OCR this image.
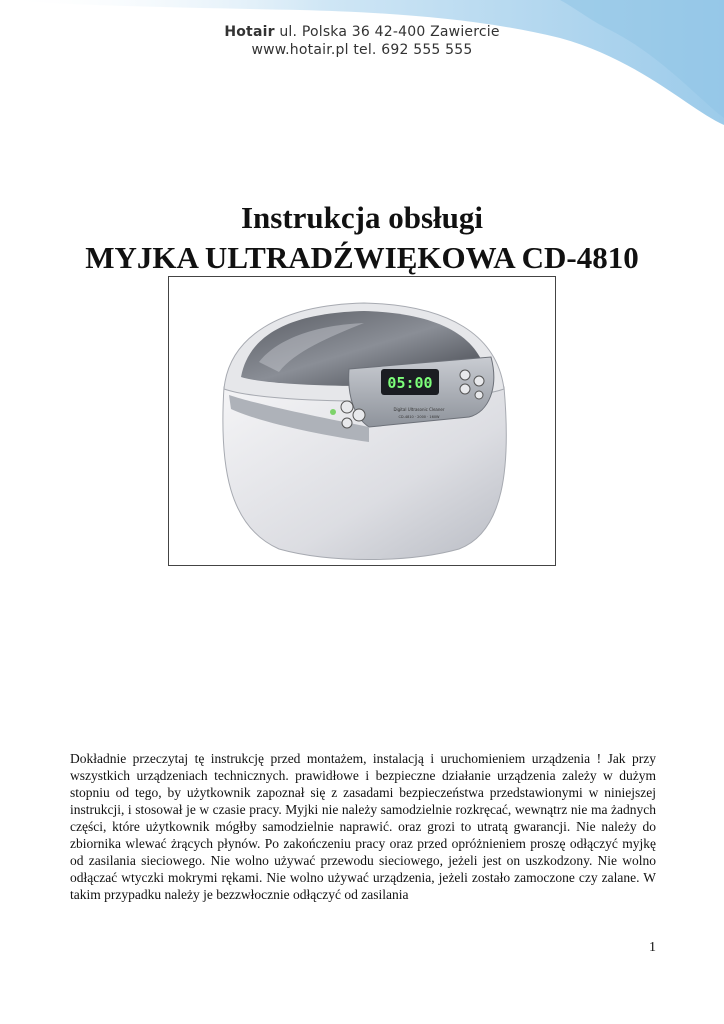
Hotair ul. Polska 36 42-400 Zawiercie
www.hotair.pl tel. 692 555 555
Instrukcja obsługi
MYJKA ULTRADŹWIĘKOWA CD-4810
05:00
Digital Ultrasonic Cleaner
CD-4810 · 2000 · 160W
Dokładnie przeczytaj tę instrukcję przed montażem, instalacją i uruchomieniem urządzenia ! Jak przy wszystkich urządzeniach technicznych. prawidłowe i bezpieczne działanie urządzenia zależy w dużym stopniu od tego, by użytkownik zapoznał się z zasadami bezpieczeństwa przedstawionymi w niniejszej instrukcji, i stosował je w czasie pracy. Myjki nie należy samodzielnie rozkręcać, wewnątrz nie ma żadnych części, które użytkownik mógłby samodzielnie naprawić. oraz grozi to utratą gwarancji. Nie należy do zbiornika wlewać żrących płynów. Po zakończeniu pracy oraz przed opróżnieniem proszę odłączyć myjkę od zasilania sieciowego. Nie wolno używać przewodu sieciowego, jeżeli jest on uszkodzony. Nie wolno odłączać wtyczki mokrymi rękami. Nie wolno używać urządzenia, jeżeli zostało zamoczone czy zalane. W takim przypadku należy je bezzwłocznie odłączyć od zasilania
1
